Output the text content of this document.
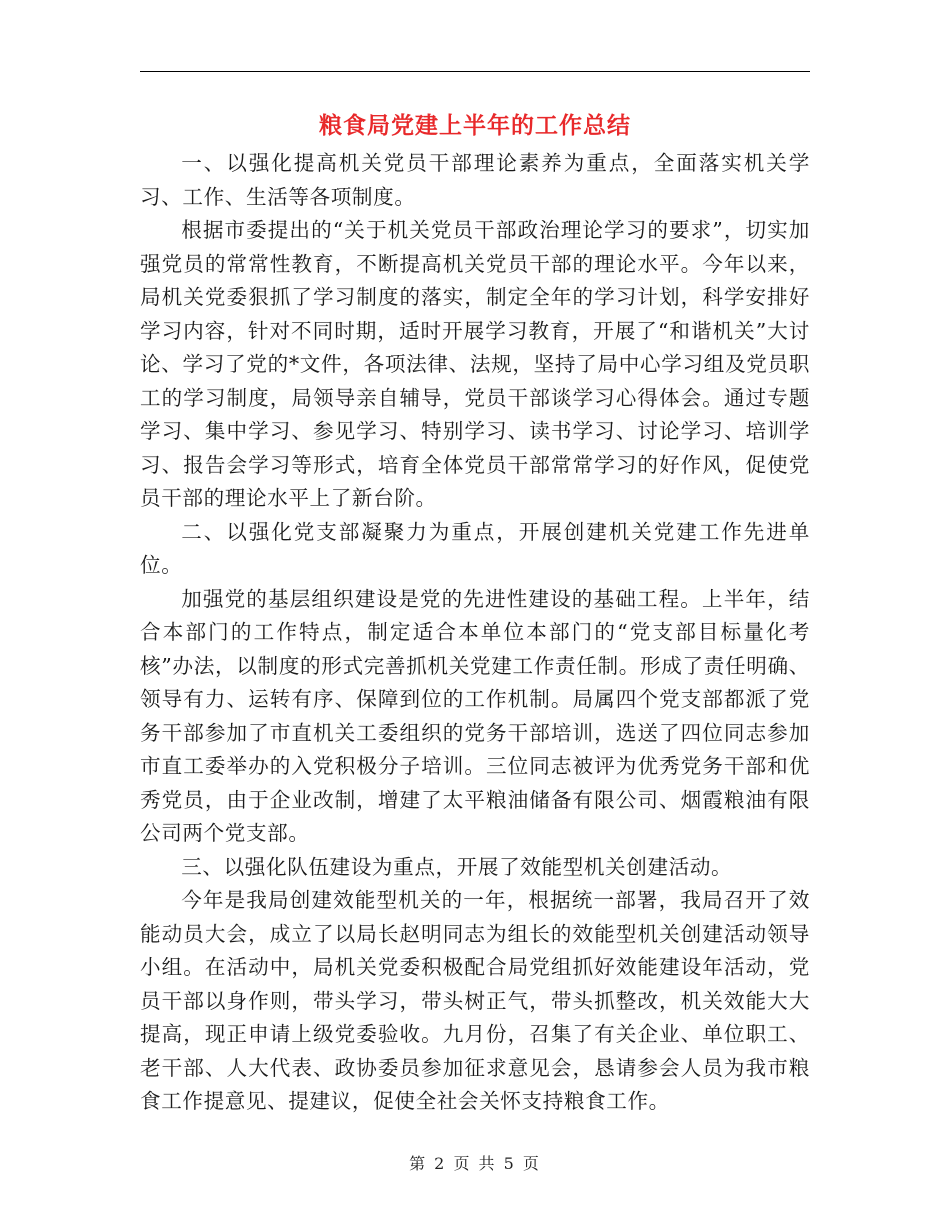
粮食局党建上半年的工作总结

一、以强化提高机关党员干部理论素养为重点，全面落实机关学习、工作、生活等各项制度。

根据市委提出的“关于机关党员干部政治理论学习的要求”，切实加强党员的常常性教育，不断提高机关党员干部的理论水平。今年以来，局机关党委狠抓了学习制度的落实，制定全年的学习计划，科学安排好学习内容，针对不同时期，适时开展学习教育，开展了“和谐机关”大讨论、学习了党的*文件，各项法律、法规，坚持了局中心学习组及党员职工的学习制度，局领导亲自辅导，党员干部谈学习心得体会。通过专题学习、集中学习、参见学习、特别学习、读书学习、讨论学习、培训学习、报告会学习等形式，培育全体党员干部常常学习的好作风，促使党员干部的理论水平上了新台阶。

二、以强化党支部凝聚力为重点，开展创建机关党建工作先进单位。

加强党的基层组织建设是党的先进性建设的基础工程。上半年，结合本部门的工作特点，制定适合本单位本部门的“党支部目标量化考核”办法，以制度的形式完善抓机关党建工作责任制。形成了责任明确、领导有力、运转有序、保障到位的工作机制。局属四个党支部都派了党务干部参加了市直机关工委组织的党务干部培训，选送了四位同志参加市直工委举办的入党积极分子培训。三位同志被评为优秀党务干部和优秀党员，由于企业改制，增建了太平粮油储备有限公司、烟霞粮油有限公司两个党支部。

三、以强化队伍建设为重点，开展了效能型机关创建活动。

今年是我局创建效能型机关的一年，根据统一部署，我局召开了效能动员大会，成立了以局长赵明同志为组长的效能型机关创建活动领导小组。在活动中，局机关党委积极配合局党组抓好效能建设年活动，党员干部以身作则，带头学习，带头树正气，带头抓整改，机关效能大大提高，现正申请上级党委验收。九月份，召集了有关企业、单位职工、老干部、人大代表、政协委员参加征求意见会，恳请参会人员为我市粮食工作提意见、提建议，促使全社会关怀支持粮食工作。

第 2 页 共 5 页
